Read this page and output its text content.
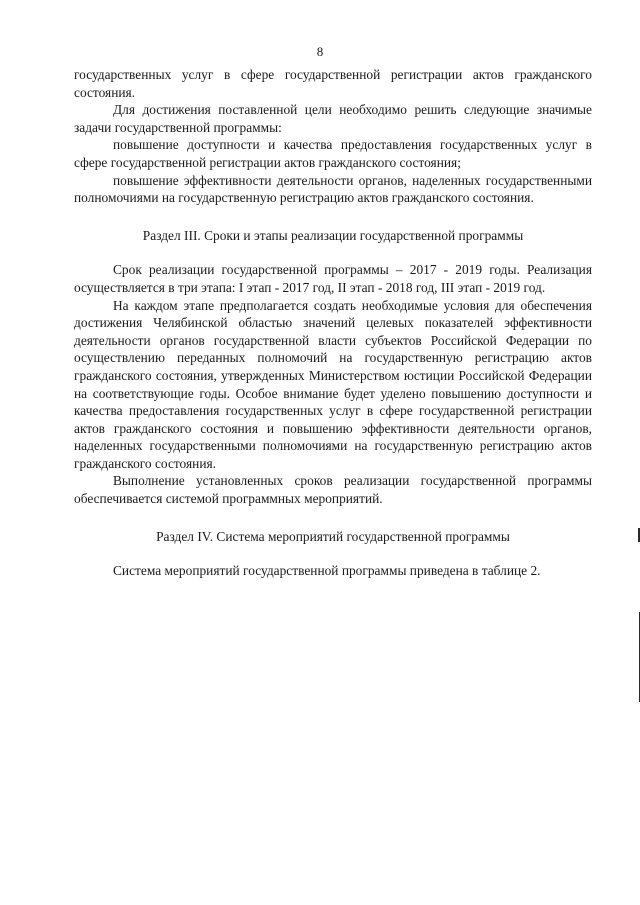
8

государственных услуг в сфере государственной регистрации актов гражданского состояния.

Для достижения поставленной цели необходимо решить следующие значимые задачи государственной программы:

повышение доступности и качества предоставления государственных услуг в сфере государственной регистрации актов гражданского состояния;

повышение эффективности деятельности органов, наделенных государственными полномочиями на государственную регистрацию актов гражданского состояния.

Раздел III. Сроки и этапы реализации государственной программы

Срок реализации государственной программы – 2017 - 2019 годы. Реализация осуществляется в три этапа: I этап - 2017 год, II этап - 2018 год, III этап - 2019 год.

На каждом этапе предполагается создать необходимые условия для обеспечения достижения Челябинской областью значений целевых показателей эффективности деятельности органов государственной власти субъектов Российской Федерации по осуществлению переданных полномочий на государственную регистрацию актов гражданского состояния, утвержденных Министерством юстиции Российской Федерации на соответствующие годы. Особое внимание будет уделено повышению доступности и качества предоставления государственных услуг в сфере государственной регистрации актов гражданского состояния и повышению эффективности деятельности органов, наделенных государственными полномочиями на государственную регистрацию актов гражданского состояния.

Выполнение установленных сроков реализации государственной программы обеспечивается системой программных мероприятий.

Раздел IV. Система мероприятий государственной программы

Система мероприятий государственной программы приведена в таблице 2.
